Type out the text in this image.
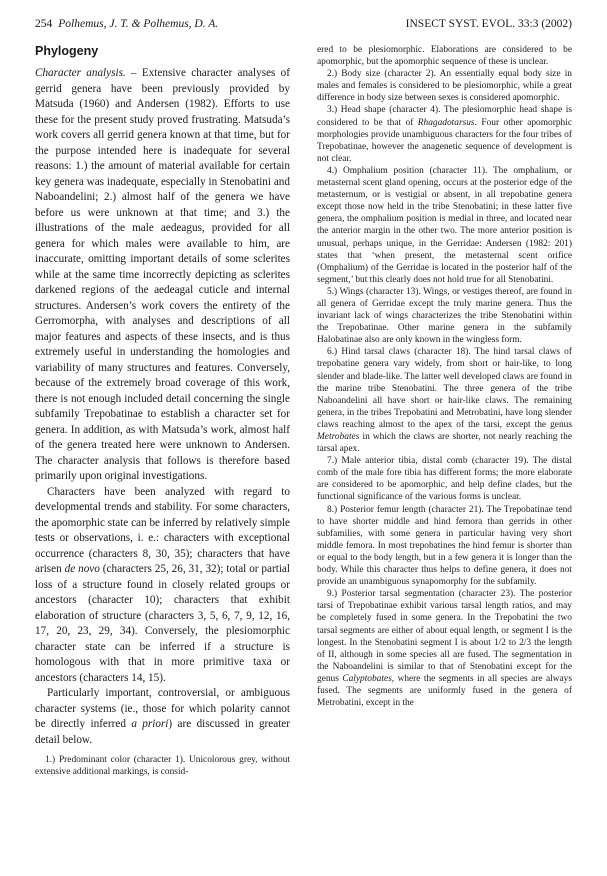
254 Polhemus, J. T. & Polhemus, D. A.	INSECT SYST. EVOL. 33:3 (2002)
Phylogeny

Character analysis. – Extensive character analyses of gerrid genera have been previously provided by Matsuda (1960) and Andersen (1982). Efforts to use these for the present study proved frustrating. Matsuda’s work covers all gerrid genera known at that time, but for the purpose intended here is inadequate for several reasons: 1.) the amount of material available for certain key genera was inadequate, especially in Stenobatini and Naboandelini; 2.) almost half of the genera we have before us were unknown at that time; and 3.) the illustrations of the male aedeagus, provided for all genera for which males were available to him, are inaccurate, omitting important details of some sclerites while at the same time incorrectly depicting as sclerites darkened regions of the aedeagal cuticle and internal structures. Andersen’s work covers the entirety of the Gerromorpha, with analyses and descriptions of all major features and aspects of these insects, and is thus extremely useful in understanding the homologies and variability of many structures and features. Conversely, because of the extremely broad coverage of this work, there is not enough included detail concerning the single subfamily Trepobatinae to establish a character set for genera. In addition, as with Matsuda’s work, almost half of the genera treated here were unknown to Andersen. The character analysis that follows is therefore based primarily upon original investigations.

Characters have been analyzed with regard to developmental trends and stability. For some characters, the apomorphic state can be inferred by relatively simple tests or observations, i. e.: characters with exceptional occurrence (characters 8, 30, 35); characters that have arisen de novo (characters 25, 26, 31, 32); total or partial loss of a structure found in closely related groups or ancestors (character 10); characters that exhibit elaboration of structure (characters 3, 5, 6, 7, 9, 12, 16, 17, 20, 23, 29, 34). Conversely, the plesiomorphic character state can be inferred if a structure is homologous with that in more primitive taxa or ancestors (characters 14, 15).

Particularly important, controversial, or ambiguous character systems (ie., those for which polarity cannot be directly inferred a priori) are discussed in greater detail below.

1.) Predominant color (character 1). Unicolorous grey, without extensive additional markings, is consid-

ered to be plesiomorphic. Elaborations are considered to be apomorphic, but the apomorphic sequence of these is unclear.

2.) Body size (character 2). An essentially equal body size in males and females is considered to be plesiomorphic, while a great difference in body size between sexes is considered apomorphic.

3.) Head shape (character 4). The plesiomorphic head shape is considered to be that of Rhagadotarsus. Four other apomorphic morphologies provide unambiguous characters for the four tribes of Trepobatinae, however the anagenetic sequence of development is not clear.

4.) Omphalium position (character 11). The omphalium, or metasternal scent gland opening, occurs at the posterior edge of the metasternum, or is vestigial or absent, in all trepobatine genera except those now held in the tribe Stenobatini; in these latter five genera, the omphalium position is medial in three, and located near the anterior margin in the other two. The more anterior position is unusual, perhaps unique, in the Gerridae: Andersen (1982: 201) states that ‘when present, the metasternal scent orifice (Omphalium) of the Gerridae is located in the posterior half of the segment,’ but this clearly does not hold true for all Stenobatini.

5.) Wings (character 13). Wings, or vestiges thereof, are found in all genera of Gerridae except the truly marine genera. Thus the invariant lack of wings characterizes the tribe Stenobatini within the Trepobatinae. Other marine genera in the subfamily Halobatinae also are only known in the wingless form.

6.) Hind tarsal claws (character 18). The hind tarsal claws of trepobatine genera vary widely, from short or hair-like, to long slender and blade-like. The latter well developed claws are found in the marine tribe Stenobatini. The three genera of the tribe Naboandelini all have short or hair-like claws. The remaining genera, in the tribes Trepobatini and Metrobatini, have long slender claws reaching almost to the apex of the tarsi, except the genus Metrobates in which the claws are shorter, not nearly reaching the tarsal apex.

7.) Male anterior tibia, distal comb (character 19). The distal comb of the male fore tibia has different forms; the more elaborate are considered to be apomorphic, and help define clades, but the functional significance of the various forms is unclear.

8.) Posterior femur length (character 21). The Trepobatinae tend to have shorter middle and hind femora than gerrids in other subfamilies, with some genera in particular having very short middle femora. In most trepobatines the hind femur is shorter than or equal to the body length, but in a few genera it is longer than the body. While this character thus helps to define genera, it does not provide an unambiguous synapomorphy for the subfamily.

9.) Posterior tarsal segmentation (character 23). The posterior tarsi of Trepobatinae exhibit various tarsal length ratios, and may be completely fused in some genera. In the Trepobatini the two tarsal segments are either of about equal length, or segment I is the longest. In the Stenobatini segment I is about 1/2 to 2/3 the length of II, although in some species all are fused. The segmentation in the Naboandelini is similar to that of Stenobatini except for the genus Calyptobates, where the segments in all species are always fused. The segments are uniformly fused in the genera of Metrobatini, except in the
